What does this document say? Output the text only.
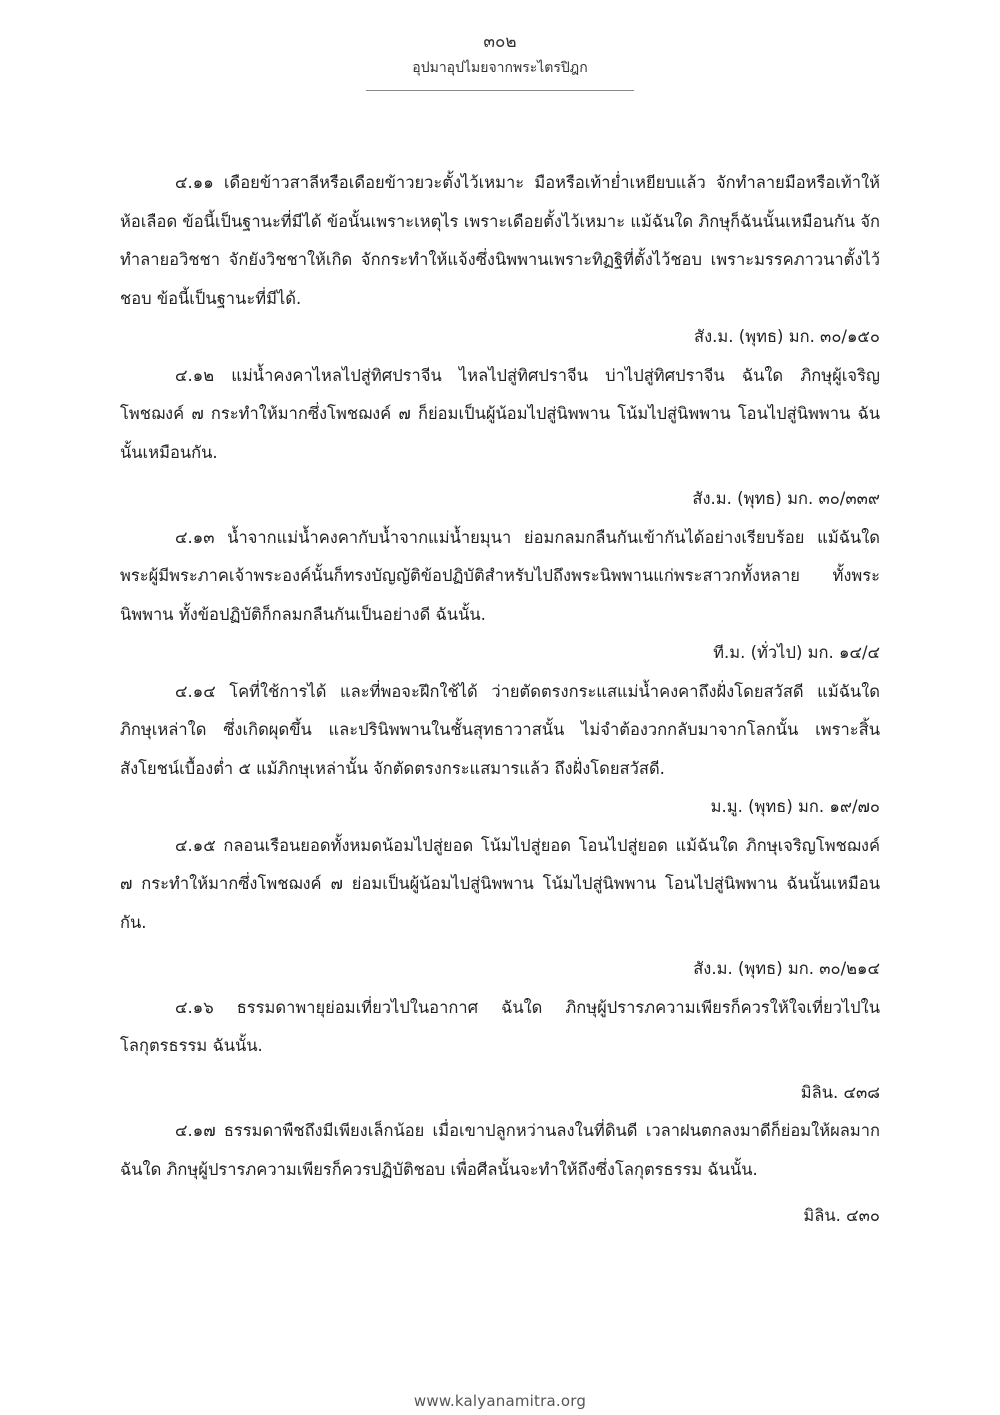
๓๐๒
อุปมาอุปไมยจากพระไตรปิฎก

๔.๑๑ เดือยข้าวสาลีหรือเดือยข้าวยวะตั้งไว้เหมาะ มือหรือเท้าย่ำเหยียบแล้ว จักทำลายมือหรือเท้าให้ห้อเลือด ข้อนี้เป็นฐานะที่มีได้ ข้อนั้นเพราะเหตุไร เพราะเดือยตั้งไว้เหมาะ แม้ฉันใด ภิกษุก็ฉันนั้นเหมือนกัน จักทำลายอวิชชา จักยังวิชชาให้เกิด จักกระทำให้แจ้งซึ่งนิพพานเพราะทิฏฐิที่ตั้งไว้ชอบ เพราะมรรคภาวนาตั้งไว้ชอบ ข้อนี้เป็นฐานะที่มีได้.

สัง.ม. (พุทธ) มก. ๓๐/๑๕๐

๔.๑๒ แม่น้ำคงคาไหลไปสู่ทิศปราจีน ไหลไปสู่ทิศปราจีน บ่าไปสู่ทิศปราจีน ฉันใด ภิกษุผู้เจริญโพชฌงค์ ๗ กระทำให้มากซึ่งโพชฌงค์ ๗ ก็ย่อมเป็นผู้น้อมไปสู่นิพพาน โน้มไปสู่นิพพาน โอนไปสู่นิพพาน ฉันนั้นเหมือนกัน.

สัง.ม. (พุทธ) มก. ๓๐/๓๓๙

๔.๑๓ น้ำจากแม่น้ำคงคากับน้ำจากแม่น้ำยมุนา ย่อมกลมกลืนกันเข้ากันได้อย่างเรียบร้อย แม้ฉันใด พระผู้มีพระภาคเจ้าพระองค์นั้นก็ทรงบัญญัติข้อปฏิบัติสำหรับไปถึงพระนิพพานแก่พระสาวกทั้งหลาย ทั้งพระนิพพาน ทั้งข้อปฏิบัติก็กลมกลืนกันเป็นอย่างดี ฉันนั้น.

ที.ม. (ทั่วไป) มก. ๑๔/๔

๔.๑๔ โคที่ใช้การได้ และที่พอจะฝึกใช้ได้ ว่ายตัดตรงกระแสแม่น้ำคงคาถึงฝั่งโดยสวัสดี แม้ฉันใด ภิกษุเหล่าใด ซึ่งเกิดผุดขึ้น และปรินิพพานในชั้นสุทธาวาสนั้น ไม่จำต้องวกกลับมาจากโลกนั้น เพราะสิ้นสังโยชน์เบื้องต่ำ ๕ แม้ภิกษุเหล่านั้น จักตัดตรงกระแสมารแล้ว ถึงฝั่งโดยสวัสดี.

ม.มู. (พุทธ) มก. ๑๙/๗๐

๔.๑๕ กลอนเรือนยอดทั้งหมดน้อมไปสู่ยอด โน้มไปสู่ยอด โอนไปสู่ยอด แม้ฉันใด ภิกษุเจริญโพชฌงค์ ๗ กระทำให้มากซึ่งโพชฌงค์ ๗ ย่อมเป็นผู้น้อมไปสู่นิพพาน โน้มไปสู่นิพพาน โอนไปสู่นิพพาน ฉันนั้นเหมือนกัน.

สัง.ม. (พุทธ) มก. ๓๐/๒๑๔

๔.๑๖ ธรรมดาพายุย่อมเที่ยวไปในอากาศ ฉันใด ภิกษุผู้ปรารภความเพียรก็ควรให้ใจเที่ยวไปในโลกุตรธรรม ฉันนั้น.

มิลิน. ๔๓๘

๔.๑๗ ธรรมดาพืชถึงมีเพียงเล็กน้อย เมื่อเขาปลูกหว่านลงในที่ดินดี เวลาฝนตกลงมาดีก็ย่อมให้ผลมาก ฉันใด ภิกษุผู้ปรารภความเพียรก็ควรปฏิบัติชอบ เพื่อศีลนั้นจะทำให้ถึงซึ่งโลกุตรธรรม ฉันนั้น.

มิลิน. ๔๓๐

www.kalyanamitra.org
